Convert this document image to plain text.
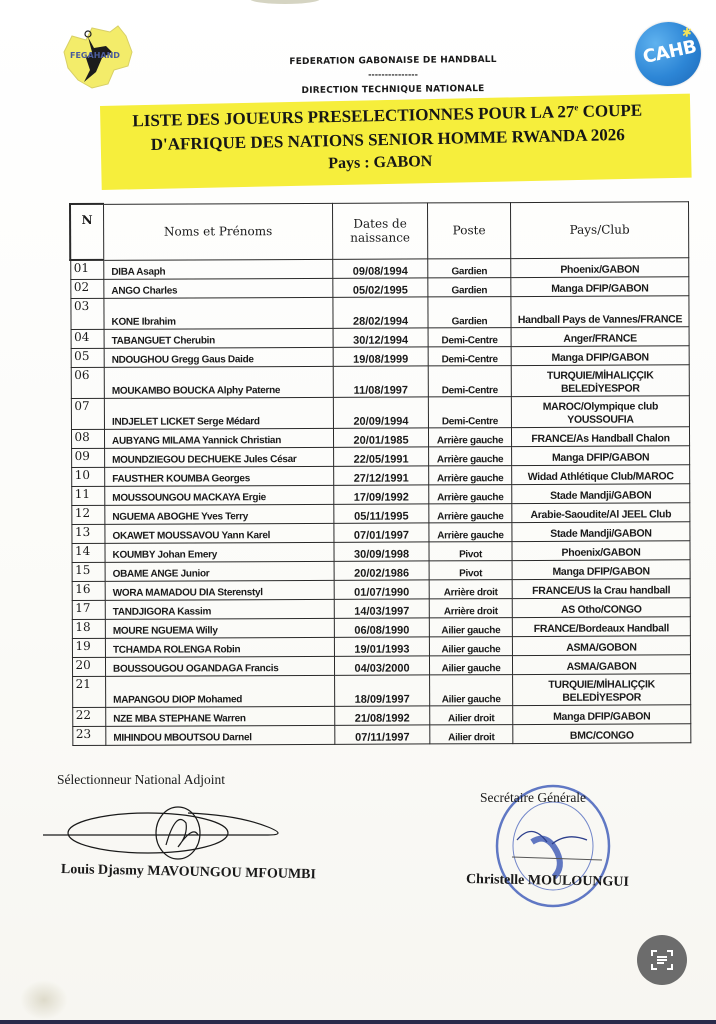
FEGAHAND	CAHB
✱
FEDERATION GABONAISE DE HANDBALL
---------------
DIRECTION TECHNIQUE NATIONALE
LISTE DES JOUEURS PRESELECTIONNES POUR LA 27e COUPE
D'AFRIQUE DES NATIONS SENIOR HOMME RWANDA 2026
Pays : GABON
N	Noms et Prénoms	Dates de naissance	Poste	Pays/Club
01	DIBA Asaph	09/08/1994	Gardien	Phoenix/GABON
02	ANGO Charles	05/02/1995	Gardien	Manga DFIP/GABON
03	KONE Ibrahim	28/02/1994	Gardien	Handball Pays de Vannes/FRANCE
04	TABANGUET Cherubin	30/12/1994	Demi-Centre	Anger/FRANCE
05	NDOUGHOU Gregg Gaus Daide	19/08/1999	Demi-Centre	Manga DFIP/GABON
06	MOUKAMBO BOUCKA Alphy Paterne	11/08/1997	Demi-Centre	TURQUIE/MİHALIÇÇIK BELEDİYESPOR
07	INDJELET LICKET Serge Médard	20/09/1994	Demi-Centre	MAROC/Olympique club YOUSSOUFIA
08	AUBYANG MILAMA Yannick Christian	20/01/1985	Arrière gauche	FRANCE/As Handball Chalon
09	MOUNDZIEGOU DECHUEKE Jules César	22/05/1991	Arrière gauche	Manga DFIP/GABON
10	FAUSTHER KOUMBA Georges	27/12/1991	Arrière gauche	Widad Athlétique Club/MAROC
11	MOUSSOUNGOU MACKAYA Ergie	17/09/1992	Arrière gauche	Stade Mandji/GABON
12	NGUEMA ABOGHE Yves Terry	05/11/1995	Arrière gauche	Arabie-Saoudite/Al JEEL Club
13	OKAWET MOUSSAVOU Yann Karel	07/01/1997	Arrière gauche	Stade Mandji/GABON
14	KOUMBY Johan Emery	30/09/1998	Pivot	Phoenix/GABON
15	OBAME ANGE Junior	20/02/1986	Pivot	Manga DFIP/GABON
16	WORA MAMADOU DIA Sterenstyl	01/07/1990	Arrière droit	FRANCE/US la Crau handball
17	TANDJIGORA Kassim	14/03/1997	Arrière droit	AS Otho/CONGO
18	MOURE NGUEMA Willy	06/08/1990	Ailier gauche	FRANCE/Bordeaux Handball
19	TCHAMDA ROLENGA Robin	19/01/1993	Ailier gauche	ASMA/GOBON
20	BOUSSOUGOU OGANDAGA Francis	04/03/2000	Ailier gauche	ASMA/GABON
21	MAPANGOU DIOP Mohamed	18/09/1997	Ailier gauche	TURQUIE/MİHALIÇÇIK BELEDİYESPOR
22	NZE MBA STEPHANE Warren	21/08/1992	Ailier droit	Manga DFIP/GABON
23	MIHINDOU MBOUTSOU Darnel	07/11/1997	Ailier droit	BMC/CONGO
Sélectionneur National Adjoint
Louis Djasmy MAVOUNGOU MFOUMBI
Secrétaire Générale
Christelle MOULOUNGUI
